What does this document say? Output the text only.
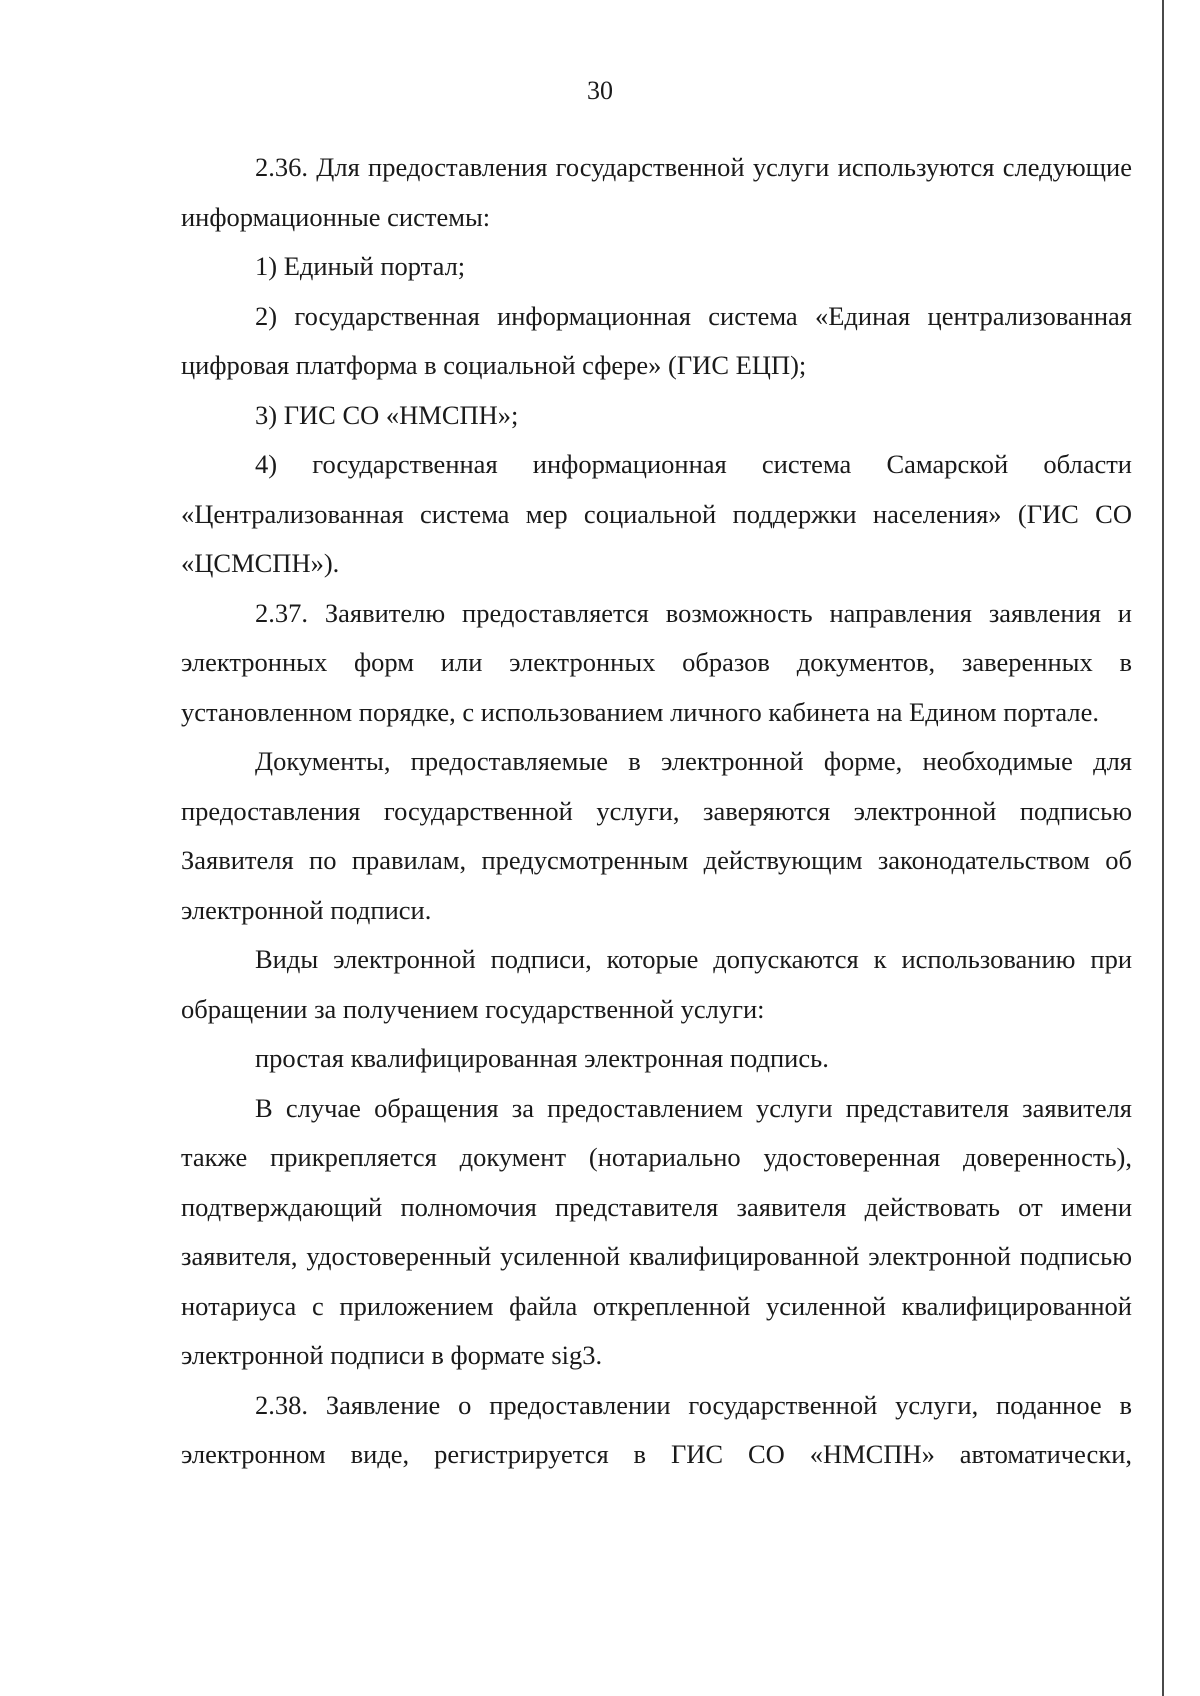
30

2.36. Для предоставления государственной услуги используются следующие информационные системы:

1) Единый портал;

2) государственная информационная система «Единая централизованная цифровая платформа в социальной сфере» (ГИС ЕЦП);

3) ГИС СО «НМСПН»;

4) государственная информационная система Самарской области «Централизованная система мер социальной поддержки населения» (ГИС СО «ЦСМСПН»).

2.37. Заявителю предоставляется возможность направления заявления и электронных форм или электронных образов документов, заверенных в установленном порядке, с использованием личного кабинета на Едином портале.

Документы, предоставляемые в электронной форме, необходимые для предоставления государственной услуги, заверяются электронной подписью Заявителя по правилам, предусмотренным действующим законодательством об электронной подписи.

Виды электронной подписи, которые допускаются к использованию при обращении за получением государственной услуги:

простая квалифицированная электронная подпись.

В случае обращения за предоставлением услуги представителя заявителя также прикрепляется документ (нотариально удостоверенная доверенность), подтверждающий полномочия представителя заявителя действовать от имени заявителя, удостоверенный усиленной квалифицированной электронной подписью нотариуса с приложением файла открепленной усиленной квалифицированной электронной подписи в формате sig3.

2.38. Заявление о предоставлении государственной услуги, поданное в электронном виде, регистрируется в ГИС СО «НМСПН» автоматически,
